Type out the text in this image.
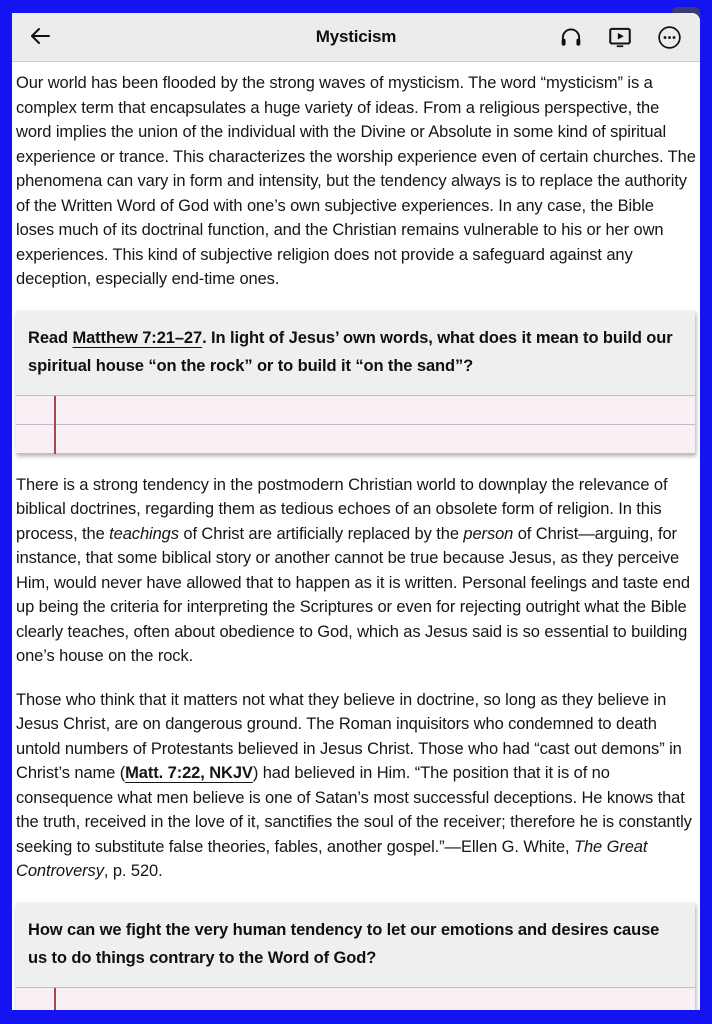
Mysticism

Our world has been flooded by the strong waves of mysticism. The word “mysticism” is a complex term that encapsulates a huge variety of ideas. From a religious perspective, the word implies the union of the individual with the Divine or Absolute in some kind of spiritual experience or trance. This characterizes the worship experience even of certain churches. The phenomena can vary in form and intensity, but the tendency always is to replace the authority of the Written Word of God with one’s own subjective experiences. In any case, the Bible loses much of its doctrinal function, and the Christian remains vulnerable to his or her own experiences. This kind of subjective religion does not provide a safeguard against any deception, especially end-time ones.

Read Matthew 7:21–27. In light of Jesus’ own words, what does it mean to build our spiritual house “on the rock” or to build it “on the sand”?

There is a strong tendency in the postmodern Christian world to downplay the relevance of biblical doctrines, regarding them as tedious echoes of an obsolete form of religion. In this process, the teachings of Christ are artificially replaced by the person of Christ—arguing, for instance, that some biblical story or another cannot be true because Jesus, as they perceive Him, would never have allowed that to happen as it is written. Personal feelings and taste end up being the criteria for interpreting the Scriptures or even for rejecting outright what the Bible clearly teaches, often about obedience to God, which as Jesus said is so essential to building one’s house on the rock.

Those who think that it matters not what they believe in doctrine, so long as they believe in Jesus Christ, are on dangerous ground. The Roman inquisitors who condemned to death untold numbers of Protestants believed in Jesus Christ. Those who had “cast out demons” in Christ’s name (Matt. 7:22, NKJV) had believed in Him. “The position that it is of no consequence what men believe is one of Satan’s most successful deceptions. He knows that the truth, received in the love of it, sanctifies the soul of the receiver; therefore he is constantly seeking to substitute false theories, fables, another gospel.”—Ellen G. White, The Great Controversy, p. 520.

How can we fight the very human tendency to let our emotions and desires cause us to do things contrary to the Word of God?
